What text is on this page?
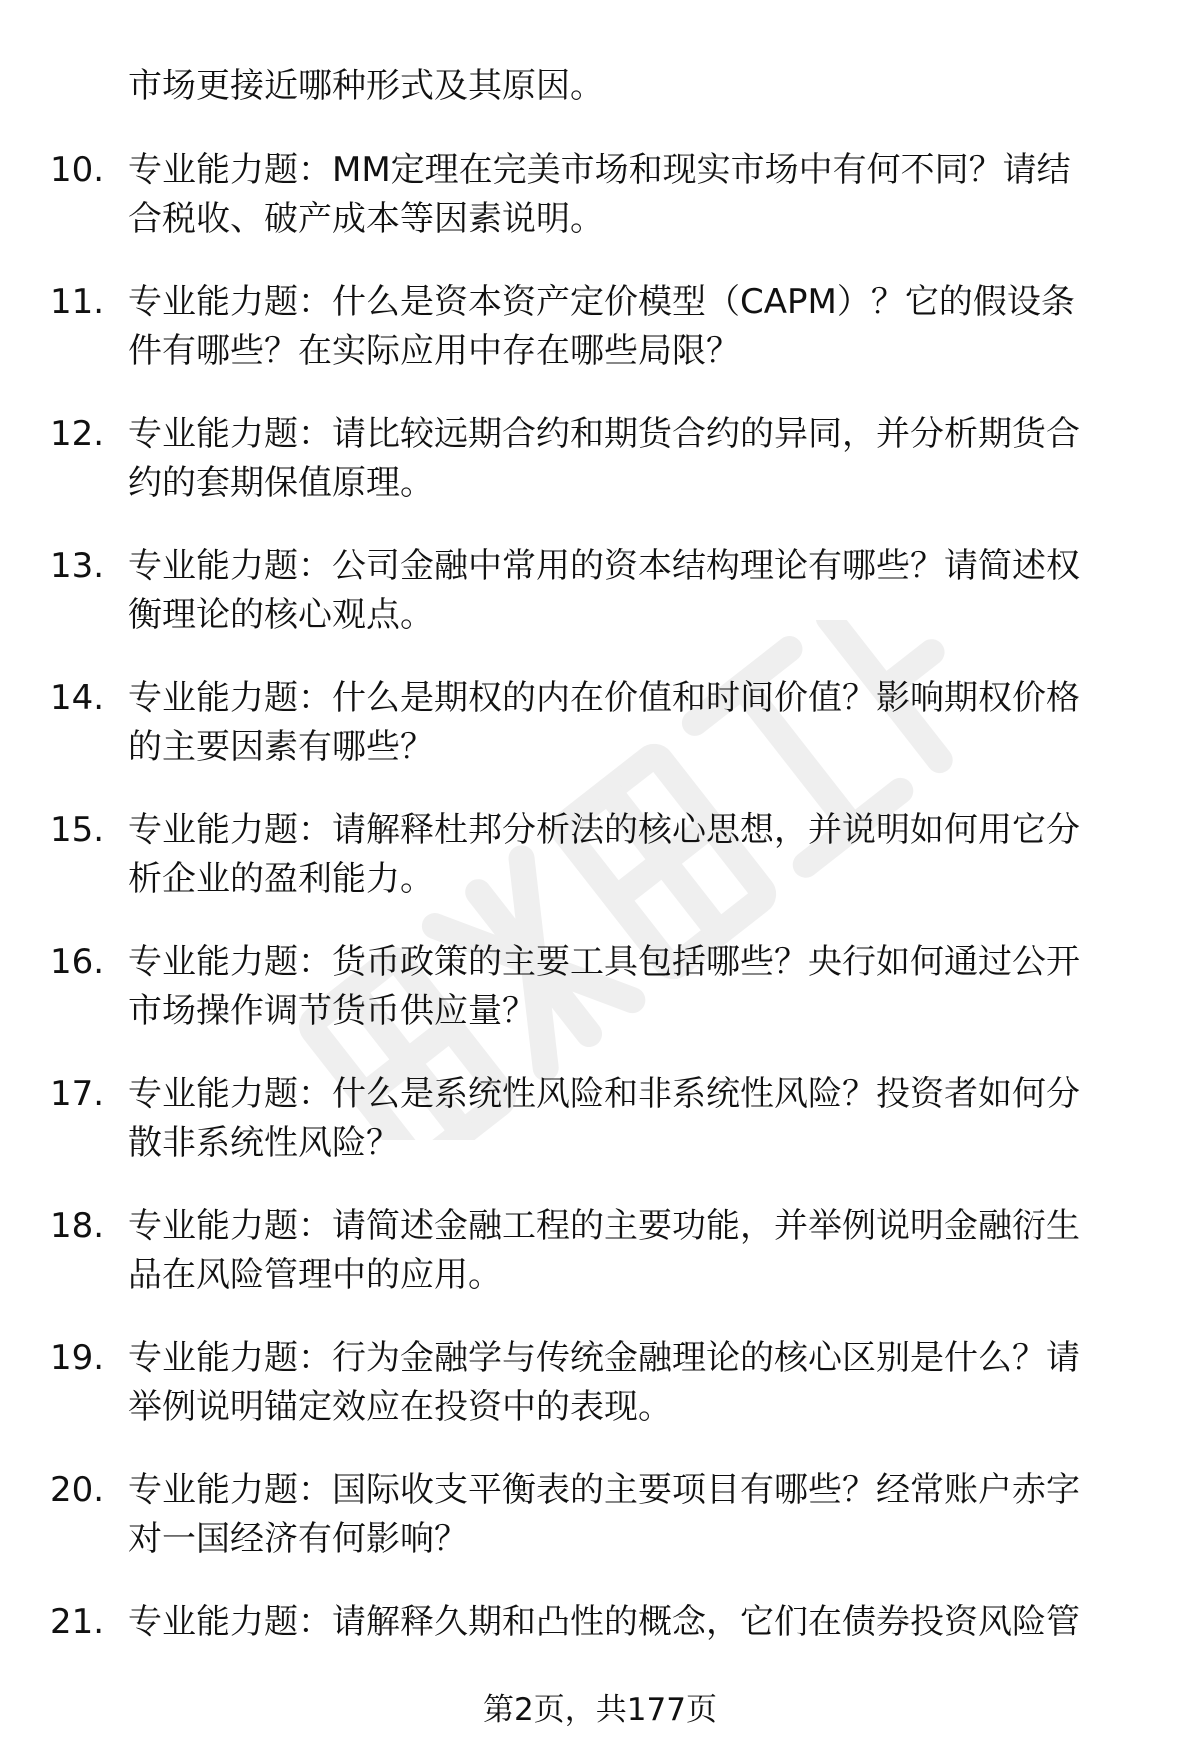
市场更接近哪种形式及其原因。
10. 专业能力题：MM定理在完美市场和现实市场中有何不同？请结
合税收、破产成本等因素说明。
11. 专业能力题：什么是资本资产定价模型（CAPM）？它的假设条
件有哪些？在实际应用中存在哪些局限？
12. 专业能力题：请比较远期合约和期货合约的异同，并分析期货合
约的套期保值原理。
13. 专业能力题：公司金融中常用的资本结构理论有哪些？请简述权
衡理论的核心观点。
14. 专业能力题：什么是期权的内在价值和时间价值？影响期权价格
的主要因素有哪些？
15. 专业能力题：请解释杜邦分析法的核心思想，并说明如何用它分
析企业的盈利能力。
16. 专业能力题：货币政策的主要工具包括哪些？央行如何通过公开
市场操作调节货币供应量？
17. 专业能力题：什么是系统性风险和非系统性风险？投资者如何分
散非系统性风险？
18. 专业能力题：请简述金融工程的主要功能，并举例说明金融衍生
品在风险管理中的应用。
19. 专业能力题：行为金融学与传统金融理论的核心区别是什么？请
举例说明锚定效应在投资中的表现。
20. 专业能力题：国际收支平衡表的主要项目有哪些？经常账户赤字
对一国经济有何影响？
21. 专业能力题：请解释久期和凸性的概念，它们在债券投资风险管
第2页，共177页
